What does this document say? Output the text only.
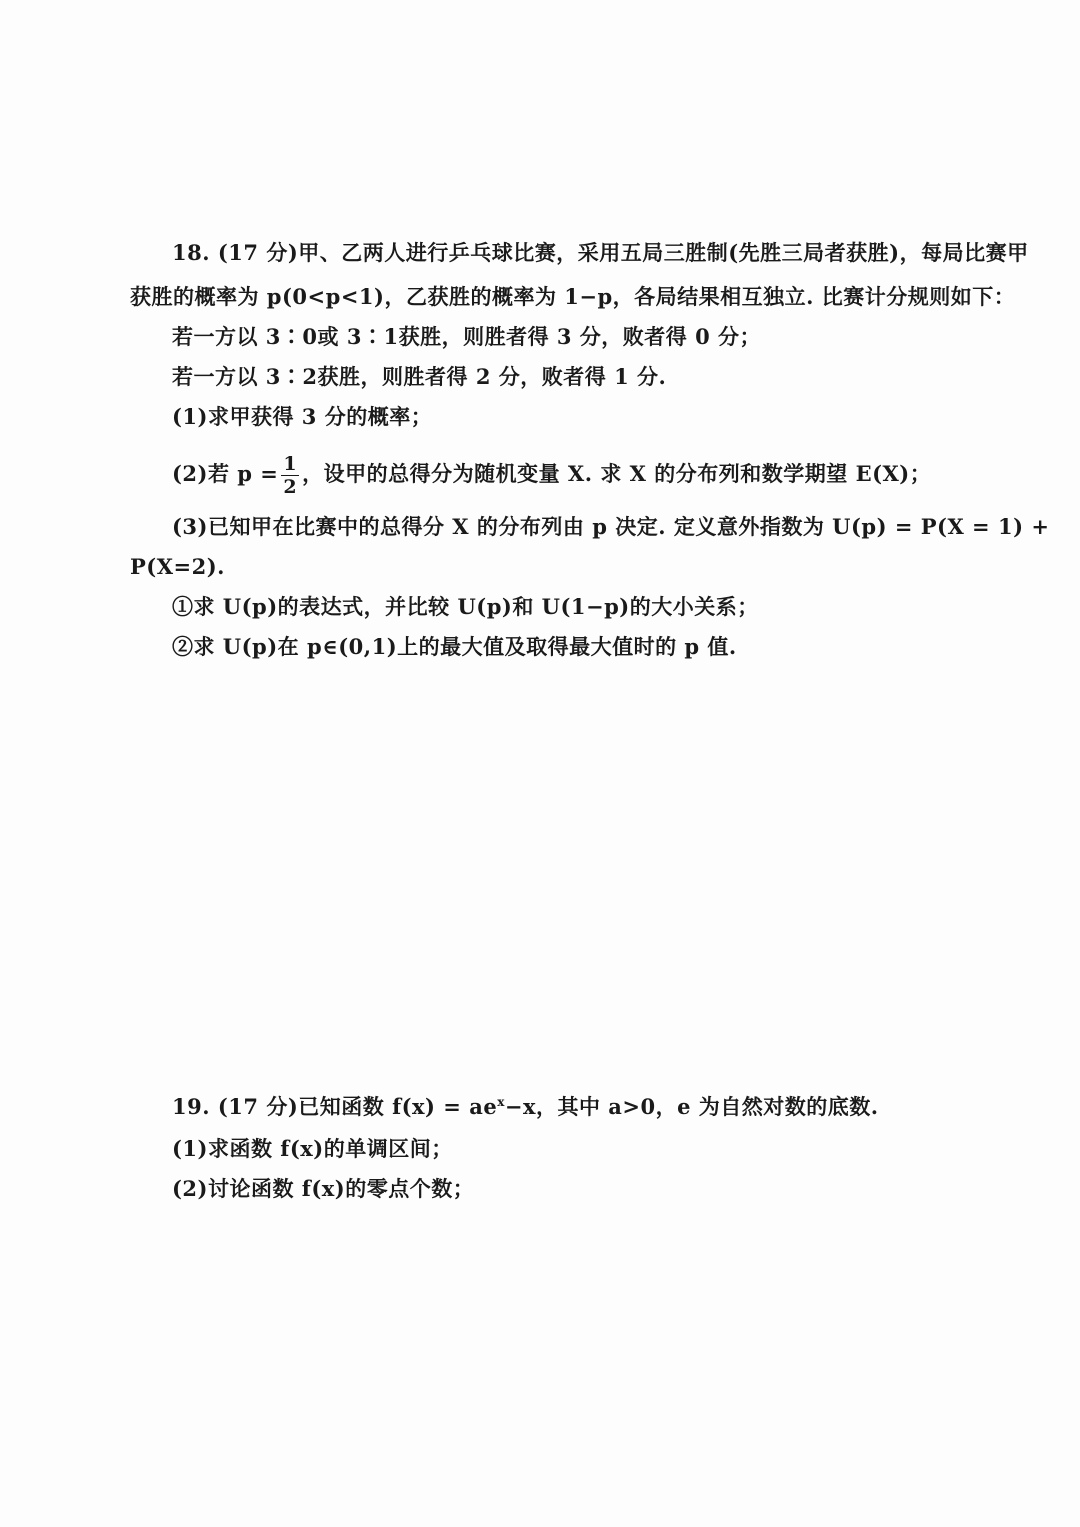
18. (17 分)甲、乙两人进行乒乓球比赛，采用五局三胜制(先胜三局者获胜)，每局比赛甲
获胜的概率为 p(0<p<1)，乙获胜的概率为 1−p，各局结果相互独立. 比赛计分规则如下：
若一方以 3∶0或 3∶1获胜，则胜者得 3 分，败者得 0 分；
若一方以 3∶2获胜，则胜者得 2 分，败者得 1 分.
(1)求甲获得 3 分的概率；
(2)若 $p = \frac{1}{2}$ ，设甲的总得分为随机变量 X. 求 X 的分布列和数学期望 E(X)；
(3)已知甲在比赛中的总得分 X 的分布列由 p 决定. 定义意外指数为 U(p) = P(X = 1) +
P(X=2).
①求 U(p)的表达式，并比较 U(p)和 U(1−p)的大小关系；
②求 U(p)在 p∈(0,1)上的最大值及取得最大值时的 p 值.
19. (17 分)已知函数 $f(x) = ae^x-x$，其中 a>0，e 为自然对数的底数.
(1)求函数 f(x)的单调区间；
(2)讨论函数 f(x)的零点个数；
